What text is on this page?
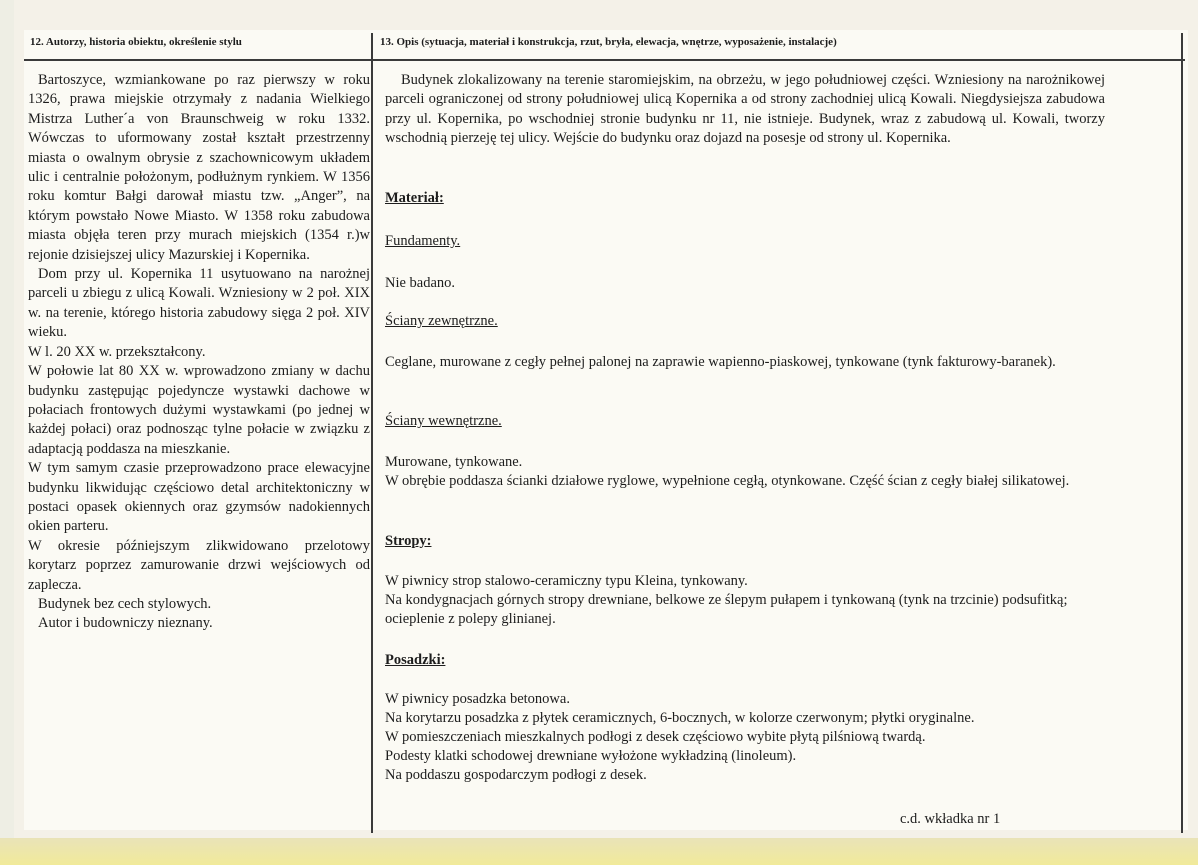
12. Autorzy, historia obiektu, określenie stylu	13. Opis (sytuacja, materiał i konstrukcja, rzut, bryła, elewacja, wnętrze, wyposażenie, instalacje)

Bartoszyce, wzmiankowane po raz pierwszy w roku 1326, prawa miejskie otrzymały z nadania Wielkiego Mistrza Luther´a von Braunschweig w roku 1332. Wówczas to uformowany został kształt przestrzenny miasta o owalnym obrysie z szachownicowym układem ulic i centralnie położonym, podłużnym rynkiem. W 1356 roku komtur Bałgi darował miastu tzw. „Anger”, na którym powstało Nowe Miasto. W 1358 roku zabudowa miasta objęła teren przy murach miejskich (1354 r.)w rejonie dzisiejszej ulicy Mazurskiej i Kopernika.

Dom przy ul. Kopernika 11 usytuowano na narożnej parceli u zbiegu z ulicą Kowali. Wzniesiony w 2 poł. XIX w. na terenie, którego historia zabudowy sięga 2 poł. XIV wieku.

W l. 20 XX w. przekształcony.

W połowie lat 80 XX w. wprowadzono zmiany w dachu budynku zastępując pojedyncze wystawki dachowe w połaciach frontowych dużymi wystawkami (po jednej w każdej połaci) oraz podnosząc tylne połacie w związku z adaptacją poddasza na mieszkanie.

W tym samym czasie przeprowadzono prace elewacyjne budynku likwidując częściowo detal architektoniczny w postaci opasek okiennych oraz gzymsów nadokiennych okien parteru.

W okresie późniejszym zlikwidowano przelotowy korytarz poprzez zamurowanie drzwi wejściowych od zaplecza.

Budynek bez cech stylowych.

Autor i budowniczy nieznany.

Budynek zlokalizowany na terenie staromiejskim, na obrzeżu, w jego południowej części. Wzniesiony na narożnikowej parceli ograniczonej od strony południowej ulicą Kopernika a od strony zachodniej ulicą Kowali. Niegdysiejsza zabudowa przy ul. Kopernika, po wschodniej stronie budynku nr 11, nie istnieje. Budynek, wraz z zabudową ul. Kowali, tworzy wschodnią pierzeję tej ulicy. Wejście do budynku oraz dojazd na posesje od strony ul. Kopernika.

Materiał:

Fundamenty.

Nie badano.

Ściany zewnętrzne.

Ceglane, murowane z cegły pełnej palonej na zaprawie wapienno-piaskowej, tynkowane (tynk fakturowy-baranek).

Ściany wewnętrzne.

Murowane, tynkowane.

W obrębie poddasza ścianki działowe ryglowe, wypełnione cegłą, otynkowane. Część ścian z cegły białej silikatowej.

Stropy:

W piwnicy strop stalowo-ceramiczny typu Kleina, tynkowany.

Na kondygnacjach górnych stropy drewniane, belkowe ze ślepym pułapem i tynkowaną (tynk na trzcinie) podsufitką; ocieplenie z polepy glinianej.

Posadzki:

W piwnicy posadzka betonowa.

Na korytarzu posadzka z płytek ceramicznych, 6-bocznych, w kolorze czerwonym; płytki oryginalne.

W pomieszczeniach mieszkalnych podłogi z desek częściowo wybite płytą pilśniową twardą.

Podesty klatki schodowej drewniane wyłożone wykładziną (linoleum).

Na poddaszu gospodarczym podłogi z desek.

c.d. wkładka nr 1
